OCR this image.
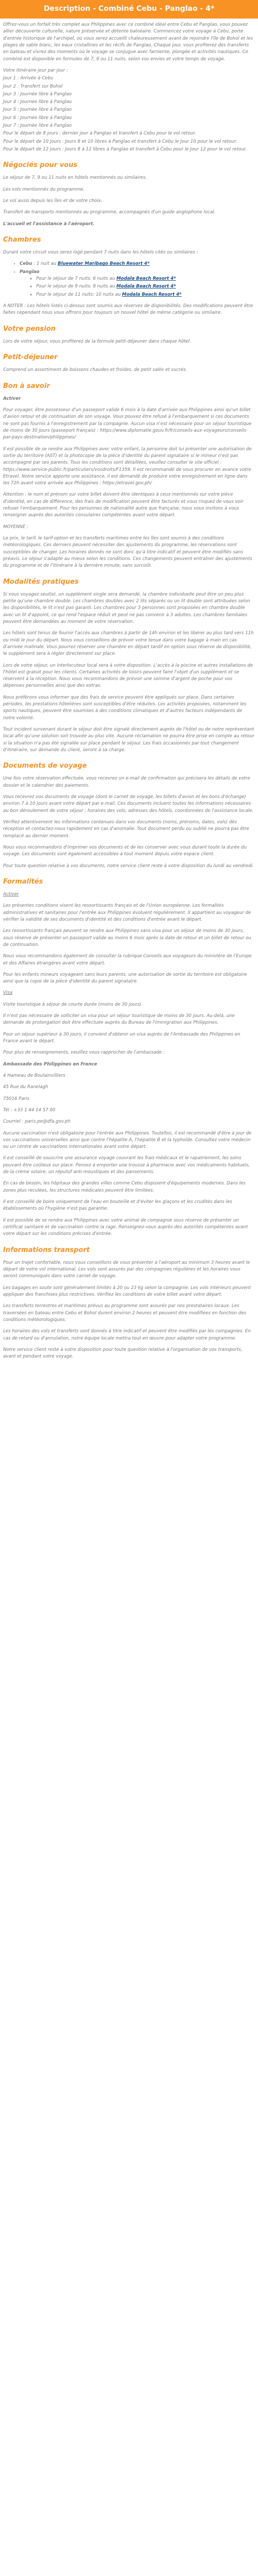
Description - Combiné Cebu - Panglao - 4*

Offrez-vous un forfait très complet aux Philippines avec ce combiné idéal entre Cebu et Panglao, vous pouvez allier découverte culturelle, nature préservée et détente balnéaire. Commencez votre voyage à Cebu, porte d'entrée historique de l'archipel, où vous serez accueilli chaleureusement avant de rejoindre l'île de Bohol et les plages de sable blanc, les eaux cristallines et les récifs de Panglao. Chaque jour, vous profiterez des transferts en bateau et vivrez des moments où le voyage se conjugue avec farniente, plongée et activités nautiques. Ce combiné est disponible en formules de 7, 9 ou 11 nuits, selon vos envies et votre temps de voyage.

Votre itinéraire jour par jour :

Jour 1 : Arrivée à Cebu

Jour 2 : Transfert sur Bohol

Jour 3 : Journée libre à Panglao

Jour 4 : Journée libre à Panglao

Jour 5 : Journée libre à Panglao

Jour 6 : Journée libre à Panglao

Jour 7 : Journée libre à Panglao

Pour le départ de 8 jours : dernier jour à Panglao et transfert à Cebu pour le vol retour.

Pour le départ de 10 jours : Jours 8 et 10 libres à Panglao et transfert à Cebu le Jour 10 pour le vol retour.

Pour le départ de 12 jours : Jours 8 à 12 libres à Panglao et transfert à Cebu pour le Jour 12 pour le vol retour.

Négociés pour vous

Le séjour de 7, 9 ou 11 nuits en hôtels mentionnés ou similaires.

Les vols mentionnés du programme.

Le vol aussi depuis les îles et de votre choix.

Transfert de transports mentionnés au programme, accompagnés d'un guide anglophone local.

L'accueil et l'assistance à l'aéroport.

Chambres

Durant votre circuit vous serez logé pendant 7 nuits dans les hôtels cités ou similaires :

• Cebu : 1 nuit au Bluewater Maribago Beach Resort 4*
• Panglao
◦ Pour le séjour de 7 nuits: 6 nuits au Modala Beach Resort 4*
◦ Pour le séjour de 9 nuits: 8 nuits au Modala Beach Resort 4*
◦ Pour le séjour de 11 nuits: 10 nuits au Modala Beach Resort 4*

A NOTER : Les hôtels listés ci-dessus sont soumis aux réserves de disponibilités. Des modifications peuvent être faites cependant nous vous offrons pour toujours un nouvel hôtel de même catégorie ou similaire.

Votre pension

Lors de votre séjour, vous profiterez de la formule petit-déjeuner dans chaque hôtel.

Petit-déjeuner

Comprend un assortiment de boissons chaudes et froides, de petit salés et sucrés.

Bon à savoir

Activer

Pour voyager, être possesseur d'un passeport valide 6 mois à la date d'arrivée aux Philippines ainsi qu'un billet d'avion retour et de continuation de son voyage. Vous pouvez être refusé à l'embarquement si ces documents ne sont pas fournis à l'enregistrement par la compagnie. Aucun visa n'est nécessaire pour un séjour touristique de moins de 30 jours (passeport français) : https://www.diplomatie.gouv.fr/fr/conseils-aux-voyageurs/conseils-par-pays-destination/philippines/

Il est possible de se rendre aux Philippines avec votre enfant, la personne doit lui présenter une autorisation de sortie du territoire (AST) et la photocopie de la pièce d'identité du parent signataire si le mineur n'est pas accompagné par ses parents. Tous les conditions sont détaillées, veuillez consulter le site officiel : https://www.service-public.fr/particuliers/vosdroits/F1359. Il est recommandé de vous procurer en avance votre Etravel. Notre service apporte une assistance, il est demandé de produire votre enregistrement en ligne dans les 72h avant votre arrivée aux Philippines : https://etravel.gov.ph/

Attention : le nom et prénom sur votre billet doivent être identiques à ceux mentionnés sur votre pièce d'identité, en cas de différence, des frais de modification peuvent être facturés et vous risquez de vous voir refuser l'embarquement. Pour les personnes de nationalité autre que française, nous vous invitons à vous renseigner auprès des autorités consulaires compétentes avant votre départ.

MOYENNE :

Le prix, le tarif, le tarif-option et les transferts maritimes entre les îles sont soumis à des conditions météorologiques. Ces derniers peuvent nécessiter des ajustements du programme, les réservations sont susceptibles de changer. Les horaires donnés ne sont donc qu'à titre indicatif et peuvent être modifiés sans préavis. Le séjour s'adapte au mieux selon les conditions. Ces changements peuvent entraîner des ajustements du programme et de l'itinéraire à la dernière minute, sans surcoût.

Modalités pratiques

Si vous voyagez seul(e), un supplément single sera demandé, la chambre individuelle peut être un peu plus petite qu'une chambre double. Les chambres doubles avec 2 lits séparés ou un lit double sont attribuées selon les disponibilités, le lit n'est pas garanti. Les chambres pour 3 personnes sont proposées en chambre double avec un lit d'appoint, ce qui rend l'espace réduit et peut ne pas convenir à 3 adultes. Les chambres familiales peuvent être demandées au moment de votre réservation.

Les hôtels sont tenus de fournir l'accès aux chambres à partir de 14h environ et les libérer au plus tard vers 11h ou midi le jour du départ. Nous vous conseillons de prévoir votre tenue dans votre bagage à main en cas d'arrivée matinale. Vous pourrez réserver une chambre en départ tardif en option sous réserve de disponibilité, le supplément sera à régler directement sur place.

Lors de votre séjour, un interlocuteur local sera à votre disposition. L'accès à la piscine et autres installations de l'hôtel est gratuit pour les clients. Certaines activités de loisirs peuvent faire l'objet d'un supplément et se réservent à la réception. Nous vous recommandons de prévoir une somme d'argent de poche pour vos dépenses personnelles ainsi que des extras.

Nous préférons vous informer que des frais de service peuvent être appliqués sur place. Dans certaines périodes, les prestations hôtelières sont susceptibles d'être réduites. Les activités proposées, notamment les sports nautiques, peuvent être soumises à des conditions climatiques et d'autres facteurs indépendants de notre volonté.

Tout incident survenant durant le séjour doit être signalé directement auprès de l'hôtel ou de notre représentant local afin qu'une solution soit trouvée au plus vite. Aucune réclamation ne pourra être prise en compte au retour si la situation n'a pas été signalée sur place pendant le séjour. Les frais occasionnés par tout changement d'itinéraire, sur demande du client, seront à sa charge.

Documents de voyage

Une fois votre réservation effectuée, vous recevrez un e-mail de confirmation qui précisera les détails de votre dossier et le calendrier des paiements.

Vous recevrez vos documents de voyage (dont le carnet de voyage, les billets d'avion et les bons d'échange) environ 7 à 10 jours avant votre départ par e-mail. Ces documents incluent toutes les informations nécessaires au bon déroulement de votre séjour : horaires des vols, adresses des hôtels, coordonnées de l'assistance locale.

Vérifiez attentivement les informations contenues dans vos documents (noms, prénoms, dates, vols) dès réception et contactez-nous rapidement en cas d'anomalie. Tout document perdu ou oublié ne pourra pas être remplacé au dernier moment.

Nous vous recommandons d'imprimer vos documents et de les conserver avec vous durant toute la durée du voyage. Les documents sont également accessibles à tout moment depuis votre espace client.

Pour toute question relative à vos documents, notre service client reste à votre disposition du lundi au vendredi.

Formalités

Activer

Les présentes conditions visent les ressortissants français et de l'Union européenne. Les formalités administratives et sanitaires pour l'entrée aux Philippines évoluent régulièrement. Il appartient au voyageur de vérifier la validité de ses documents d'identité et des conditions d'entrée avant le départ.

Les ressortissants français peuvent se rendre aux Philippines sans visa pour un séjour de moins de 30 jours, sous réserve de présenter un passeport valide au moins 6 mois après la date de retour et un billet de retour ou de continuation.

Nous vous recommandons également de consulter la rubrique Conseils aux voyageurs du ministère de l'Europe et des Affaires étrangères avant votre départ.

Pour les enfants mineurs voyageant sans leurs parents, une autorisation de sortie du territoire est obligatoire ainsi que la copie de la pièce d'identité du parent signataire.

Visa

Visite touristique à séjour de courte durée (moins de 30 jours).

Il n'est pas nécessaire de solliciter un visa pour un séjour touristique de moins de 30 jours. Au-delà, une demande de prolongation doit être effectuée auprès du Bureau de l'Immigration aux Philippines.

Pour un séjour supérieur à 30 jours, il convient d'obtenir un visa auprès de l'Ambassade des Philippines en France avant le départ.

Pour plus de renseignements, veuillez vous rapprocher de l'ambassade :

Ambassade des Philippines en France

4 Hameau de Boulainvilliers

45 Rue du Ranelagh

75016 Paris

Tél : +33 1 44 14 57 00

Courriel : paris.pe@dfa.gov.ph

Aucune vaccination n'est obligatoire pour l'entrée aux Philippines. Toutefois, il est recommandé d'être à jour de vos vaccinations universelles ainsi que contre l'hépatite A, l'hépatite B et la typhoïde. Consultez votre médecin ou un centre de vaccinations internationales avant votre départ.

Il est conseillé de souscrire une assurance voyage couvrant les frais médicaux et le rapatriement, les soins pouvant être coûteux sur place. Pensez à emporter une trousse à pharmacie avec vos médicaments habituels, de la crème solaire, un répulsif anti-moustiques et des pansements.

En cas de besoin, les hôpitaux des grandes villes comme Cebu disposent d'équipements modernes. Dans les zones plus reculées, les structures médicales peuvent être limitées.

Il est conseillé de boire uniquement de l'eau en bouteille et d'éviter les glaçons et les crudités dans les établissements où l'hygiène n'est pas garantie.

Il est possible de se rendre aux Philippines avec votre animal de compagnie sous réserve de présenter un certificat sanitaire et de vaccination contre la rage. Renseignez-vous auprès des autorités compétentes avant votre départ sur les conditions précises d'entrée.

Informations transport

Pour un trajet confortable, nous vous conseillons de vous présenter à l'aéroport au minimum 3 heures avant le départ de votre vol international. Les vols sont assurés par des compagnies régulières et les horaires vous seront communiqués dans votre carnet de voyage.

Les bagages en soute sont généralement limités à 20 ou 23 kg selon la compagnie. Les vols intérieurs peuvent appliquer des franchises plus restrictives. Vérifiez les conditions de votre billet avant votre départ.

Les transferts terrestres et maritimes prévus au programme sont assurés par nos prestataires locaux. Les traversées en bateau entre Cebu et Bohol durent environ 2 heures et peuvent être modifiées en fonction des conditions météorologiques.

Les horaires des vols et transferts sont donnés à titre indicatif et peuvent être modifiés par les compagnies. En cas de retard ou d'annulation, notre équipe locale mettra tout en œuvre pour adapter votre programme.

Notre service client reste à votre disposition pour toute question relative à l'organisation de vos transports, avant et pendant votre voyage.
